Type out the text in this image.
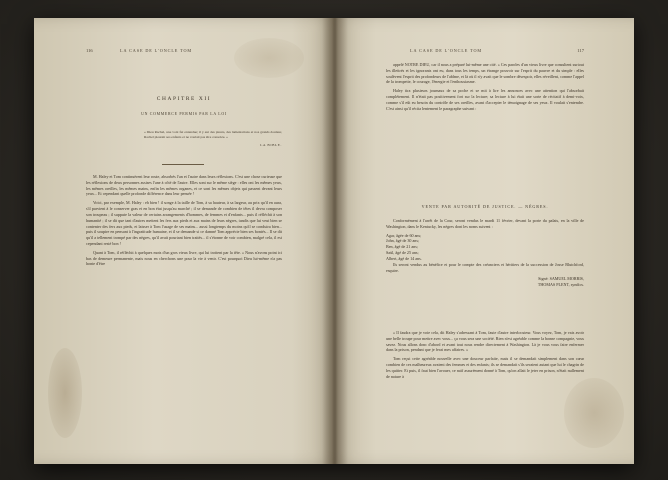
116	LA CASE DE L'ONCLE TOM
CHAPITRE XII
UN COMMERCE PERMIS PAR LA LOI
« Dieu Rachel, une voix fut entendue; il y eut des pleurs, des lamentations et nos grands douleur, Rachel pleurait ses enfants et ne voulait pas être consolée. »
LA BIBLE.

M. Haley et Tom continuèrent leur route, absorbés l'un et l'autre dans leurs réflexions. C'est une chose curieuse que les réflexions de deux personnes assises l'une à côté de l'autre. Elles sont sur le même siège : elles ont les mêmes yeux, les mêmes oreilles, les mêmes mains, enfin les mêmes organes, et ce sont les mêmes objets qui passent devant leurs yeux... Et cependant quelle profonde différence dans leur pensée !

Voici, par exemple, M. Haley : eh bien ! il songe à la taille de Tom, à sa hauteur, à sa largeur, au prix qu'il en aura, s'il parvient à le conserver gras et en bon état jusqu'au marché ; il se demande de combien de têtes il devra composer son troupeau ; il suppute la valeur de certains arrangements d'hommes, de femmes et d'enfants... puis il réfléchit à son humanité ; il se dit que tant d'autres mettent les fers aux pieds et aux mains de leurs nègres, tandis que lui veut bien se contenter des fers aux pieds, et laisser à Tom l'usage de ses mains... aussi longtemps du moins qu'il se conduira bien... puis il soupire en pensant à l'ingratitude humaine, et il se demande si ce damné Tom apprécie bien ses bontés... Il se dit qu'il a tellement trompé par des nègres, qu'il avait pourtant bien traités... il s'étonne de voir combien, malgré cela, il est cependant resté bon !

Quant à Tom, il réfléchit à quelques mots d'un gros vieux livre, qui lui trottent par la tête. « Nous n'avons point ici bas de demeure permanente, mais nous en cherchons une pour la vie à venir. C'est pourquoi Dieu lui-même n'a pas honte d'être

LA CASE DE L'ONCLE TOM	117

appelé NOTRE DIEU, car il nous a préparé lui-même une cité. » Ces paroles d'un vieux livre que consultent surtout les illettrés et les ignorants ont eu, dans tous les temps, un étrange pouvoir sur l'esprit du pauvre et du simple : elles soulèvent l'esprit des profondeurs de l'abîme, et là où il n'y avait que le sombre désespoir, elles réveillent, comme l'appel de la trompette, le courage, l'énergie et l'enthousiasme.

Haley tira plusieurs journaux de sa poche et se mit à lire les annonces avec une attention qui l'absorbait complétement. Il n'était pas positivement fort sur la lecture; sa lecture à lui était une sorte de récitatif à demi-voix, comme s'il eût eu besoin du contrôle de ses oreilles, avant d'accepter le témoignage de ses yeux. Il voulait s'entendre. C'est ainsi qu'il récita lentement le paragraphe suivant :

VENTE PAR AUTORITÉ DE JUSTICE. — NÈGRES.

Conformément à l'arrêt de la Cour, seront vendus le mardi 11 février, devant la porte du palais, en la ville de Washington, dans le Kentucky, les nègres dont les noms suivent :

Agar, âgée de 60 ans;

John, âgé de 30 ans;

Ben, âgé de 21 ans;

Saül, âgé de 25 ans;

Albert, âgé de 14 ans.

Ils seront vendus au bénéfice et pour le compte des créanciers et héritiers de la succession de Josse Blutchford, esquire.

Signé: SAMUEL MORRIS,

THOMAS PLENT, syndics.

« Il faudra que je voie cela, dit Haley s'adressant à Tom, faute d'autre interlocuteur. Vous voyez, Tom, je vais avoir une belle troupe pour mettre avec vous... ça vous sera une société. Rien n'est agréable comme la bonne compagnie, vous savez. Nous allons donc d'abord et avant tout nous rendre directement à Washington. Là je vous vous faire enfermer dans la prison, pendant que je ferai mes affaires. »

Tom reçut cette agréable nouvelle avec une douceur parfaite, mais il se demandait simplement dans son cœur combien de ces malheureux avaient des femmes et des enfants; ils se demandait s'ils seraient autant que lui le chagrin de les quitter. Et puis, il faut bien l'avouer, ce naïf assurément donné à Tom, qu'on allait le jeter en prison, n'était nullement de nature à
